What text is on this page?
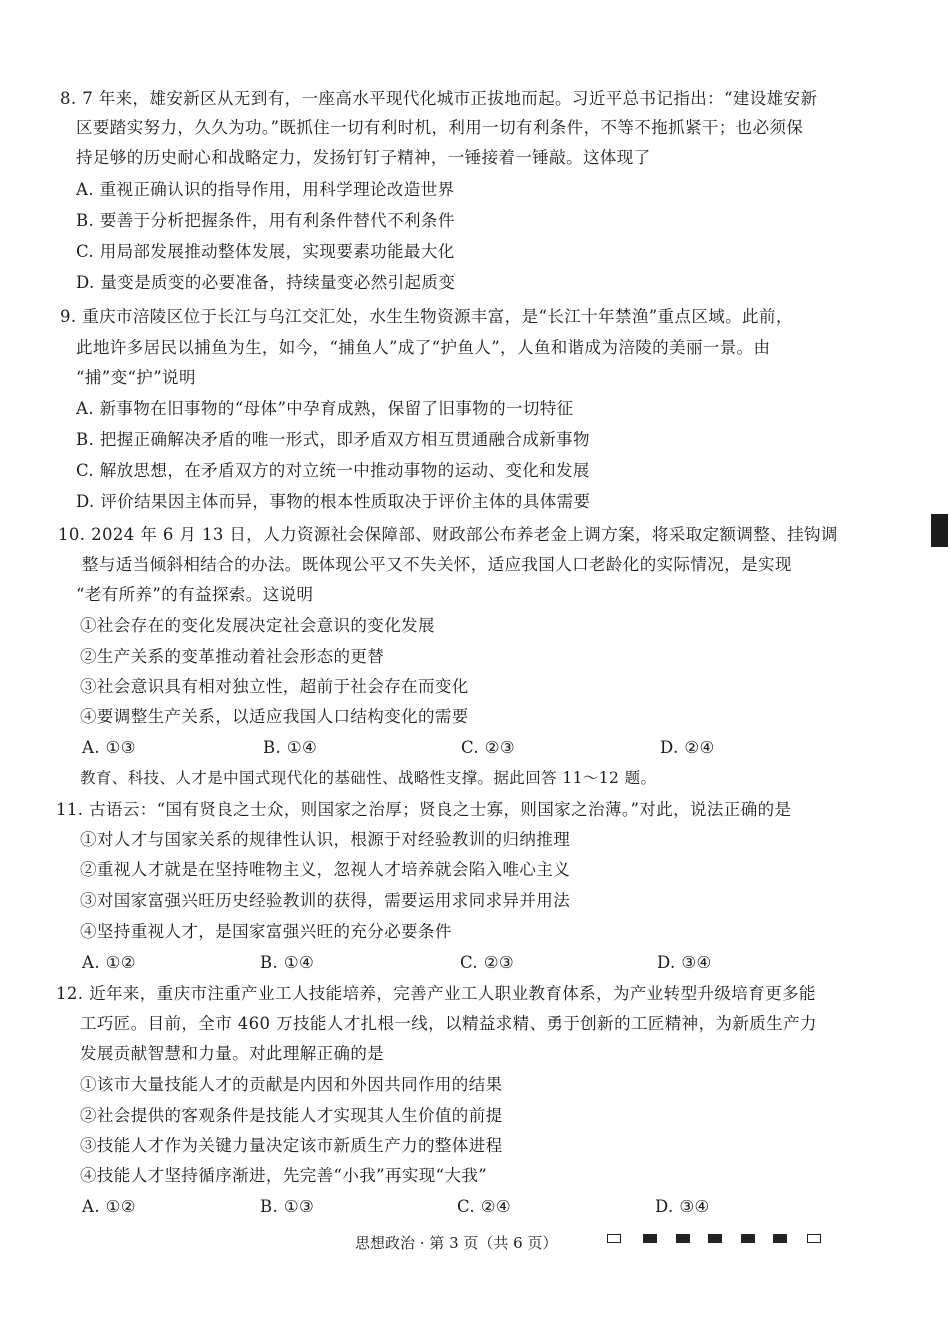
8. 7 年来，雄安新区从无到有，一座高水平现代化城市正拔地而起。习近平总书记指出：“建设雄安新
区要踏实努力，久久为功。”既抓住一切有利时机，利用一切有利条件，不等不拖抓紧干；也必须保
持足够的历史耐心和战略定力，发扬钉钉子精神，一锤接着一锤敲。这体现了
A. 重视正确认识的指导作用，用科学理论改造世界
B. 要善于分析把握条件，用有利条件替代不利条件
C. 用局部发展推动整体发展，实现要素功能最大化
D. 量变是质变的必要准备，持续量变必然引起质变
9. 重庆市涪陵区位于长江与乌江交汇处，水生生物资源丰富，是“长江十年禁渔”重点区域。此前，
此地许多居民以捕鱼为生，如今，“捕鱼人”成了“护鱼人”，人鱼和谐成为涪陵的美丽一景。由
“捕”变“护”说明
A. 新事物在旧事物的“母体”中孕育成熟，保留了旧事物的一切特征
B. 把握正确解决矛盾的唯一形式，即矛盾双方相互贯通融合成新事物
C. 解放思想，在矛盾双方的对立统一中推动事物的运动、变化和发展
D. 评价结果因主体而异，事物的根本性质取决于评价主体的具体需要
10. 2024 年 6 月 13 日，人力资源社会保障部、财政部公布养老金上调方案，将采取定额调整、挂钩调
整与适当倾斜相结合的办法。既体现公平又不失关怀，适应我国人口老龄化的实际情况，是实现
“老有所养”的有益探索。这说明
①社会存在的变化发展决定社会意识的变化发展
②生产关系的变革推动着社会形态的更替
③社会意识具有相对独立性，超前于社会存在而变化
④要调整生产关系，以适应我国人口结构变化的需要
A. ①③	B. ①④	C. ②③	D. ②④
教育、科技、人才是中国式现代化的基础性、战略性支撑。据此回答 11～12 题。
11. 古语云：“国有贤良之士众，则国家之治厚；贤良之士寡，则国家之治薄。”对此，说法正确的是
①对人才与国家关系的规律性认识，根源于对经验教训的归纳推理
②重视人才就是在坚持唯物主义，忽视人才培养就会陷入唯心主义
③对国家富强兴旺历史经验教训的获得，需要运用求同求异并用法
④坚持重视人才，是国家富强兴旺的充分必要条件
A. ①②	B. ①④	C. ②③	D. ③④
12. 近年来，重庆市注重产业工人技能培养，完善产业工人职业教育体系，为产业转型升级培育更多能
工巧匠。目前，全市 460 万技能人才扎根一线，以精益求精、勇于创新的工匠精神，为新质生产力
发展贡献智慧和力量。对此理解正确的是
①该市大量技能人才的贡献是内因和外因共同作用的结果
②社会提供的客观条件是技能人才实现其人生价值的前提
③技能人才作为关键力量决定该市新质生产力的整体进程
④技能人才坚持循序渐进，先完善“小我”再实现“大我”
A. ①②	B. ①③	C. ②④	D. ③④
思想政治 · 第 3 页（共 6 页）
